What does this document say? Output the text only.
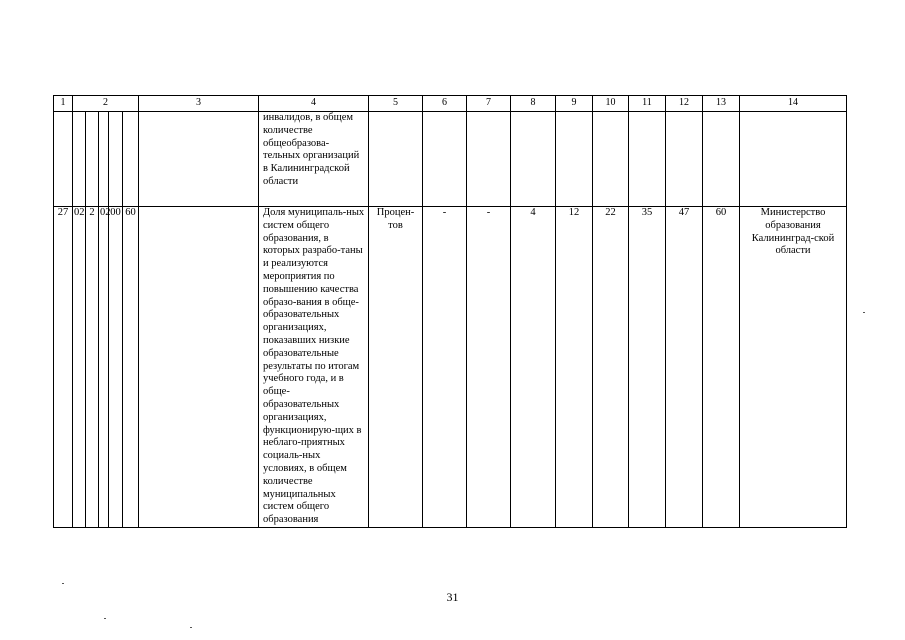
1	2					3	4	5	6	7	8	9	10	11	12	13	14
							инвалидов, в общем количестве общеобразова-тельных организаций в Калининградской области										
27	02	2	02	00	60		Доля муниципаль-ных систем общего образования, в которых разрабо-таны и реализуются мероприятия по повышению качества образо-вания в обще-образовательных организациях, показавших низкие образовательные результаты по итогам учебного года, и в обще-образовательных организациях, функционирую-щих в неблаго-приятных социаль-ных условиях, в общем количестве муниципальных систем общего образования	Процен-тов	-	-	4	12	22	35	47	60	Министерство образования Калининград-ской области
31
